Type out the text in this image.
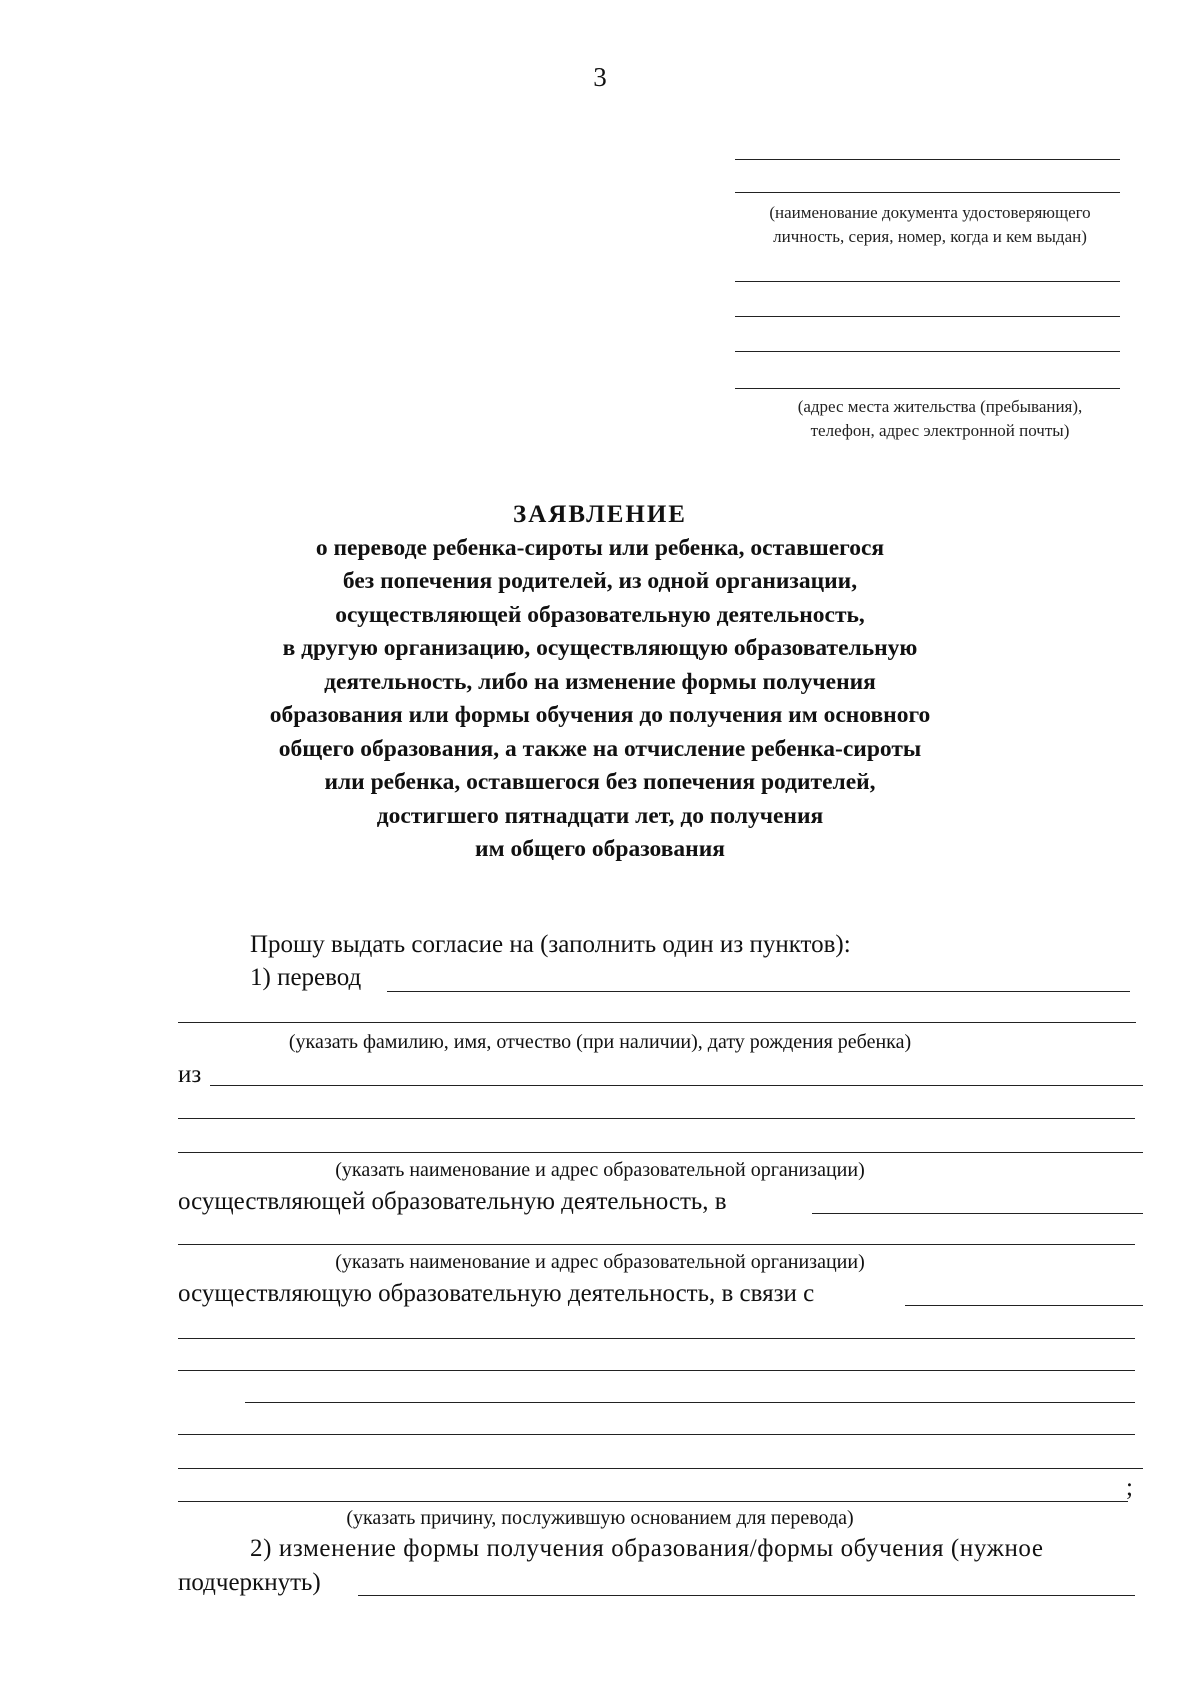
3
(наименование документа удостоверяющего
личность, серия, номер, когда и кем выдан)
(адрес места жительства (пребывания),
телефон, адрес электронной почты)
ЗАЯВЛЕНИЕ
о переводе ребенка-сироты или ребенка, оставшегося
без попечения родителей, из одной организации,
осуществляющей образовательную деятельность,
в другую организацию, осуществляющую образовательную
деятельность, либо на изменение формы получения
образования или формы обучения до получения им основного
общего образования, а также на отчисление ребенка-сироты
или ребенка, оставшегося без попечения родителей,
достигшего пятнадцати лет, до получения
им общего образования
Прошу выдать согласие на (заполнить один из пунктов):
1) перевод
(указать фамилию, имя, отчество (при наличии), дату рождения ребенка)
из
(указать наименование и адрес образовательной организации)
осуществляющей образовательную деятельность, в
(указать наименование и адрес образовательной организации)
осуществляющую образовательную деятельность, в связи с
;
(указать причину, послужившую основанием для перевода)
2) изменение формы получения образования/формы обучения (нужное
подчеркнуть)
